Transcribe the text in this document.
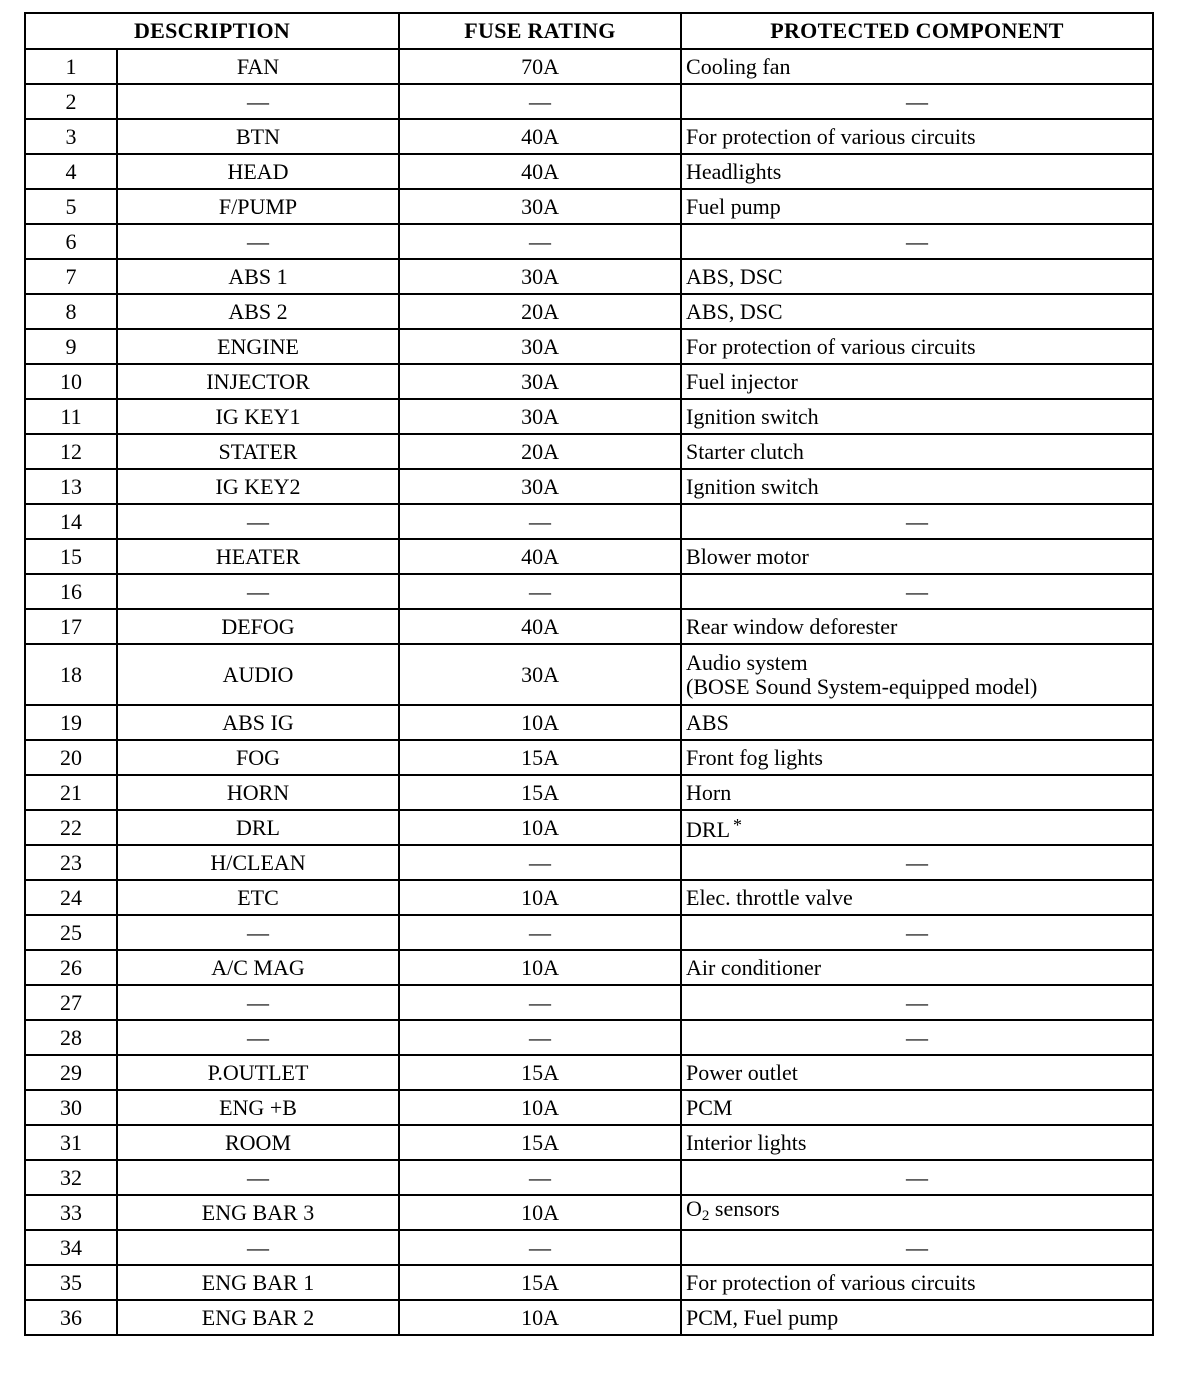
DESCRIPTION		FUSE RATING	PROTECTED COMPONENT
1	FAN	70A	Cooling fan
2	—	—	—
3	BTN	40A	For protection of various circuits
4	HEAD	40A	Headlights
5	F/PUMP	30A	Fuel pump
6	—	—	—
7	ABS 1	30A	ABS, DSC
8	ABS 2	20A	ABS, DSC
9	ENGINE	30A	For protection of various circuits
10	INJECTOR	30A	Fuel injector
11	IG KEY1	30A	Ignition switch
12	STATER	20A	Starter clutch
13	IG KEY2	30A	Ignition switch
14	—	—	—
15	HEATER	40A	Blower motor
16	—	—	—
17	DEFOG	40A	Rear window deforester
18	AUDIO	30A	Audio system
(BOSE Sound System-equipped model)
19	ABS IG	10A	ABS
20	FOG	15A	Front fog lights
21	HORN	15A	Horn
22	DRL	10A	DRL *
23	H/CLEAN	—	—
24	ETC	10A	Elec. throttle valve
25	—	—	—
26	A/C MAG	10A	Air conditioner
27	—	—	—
28	—	—	—
29	P.OUTLET	15A	Power outlet
30	ENG +B	10A	PCM
31	ROOM	15A	Interior lights
32	—	—	—
33	ENG BAR 3	10A	$O_2$ sensors
34	—	—	—
35	ENG BAR 1	15A	For protection of various circuits
36	ENG BAR 2	10A	PCM, Fuel pump
